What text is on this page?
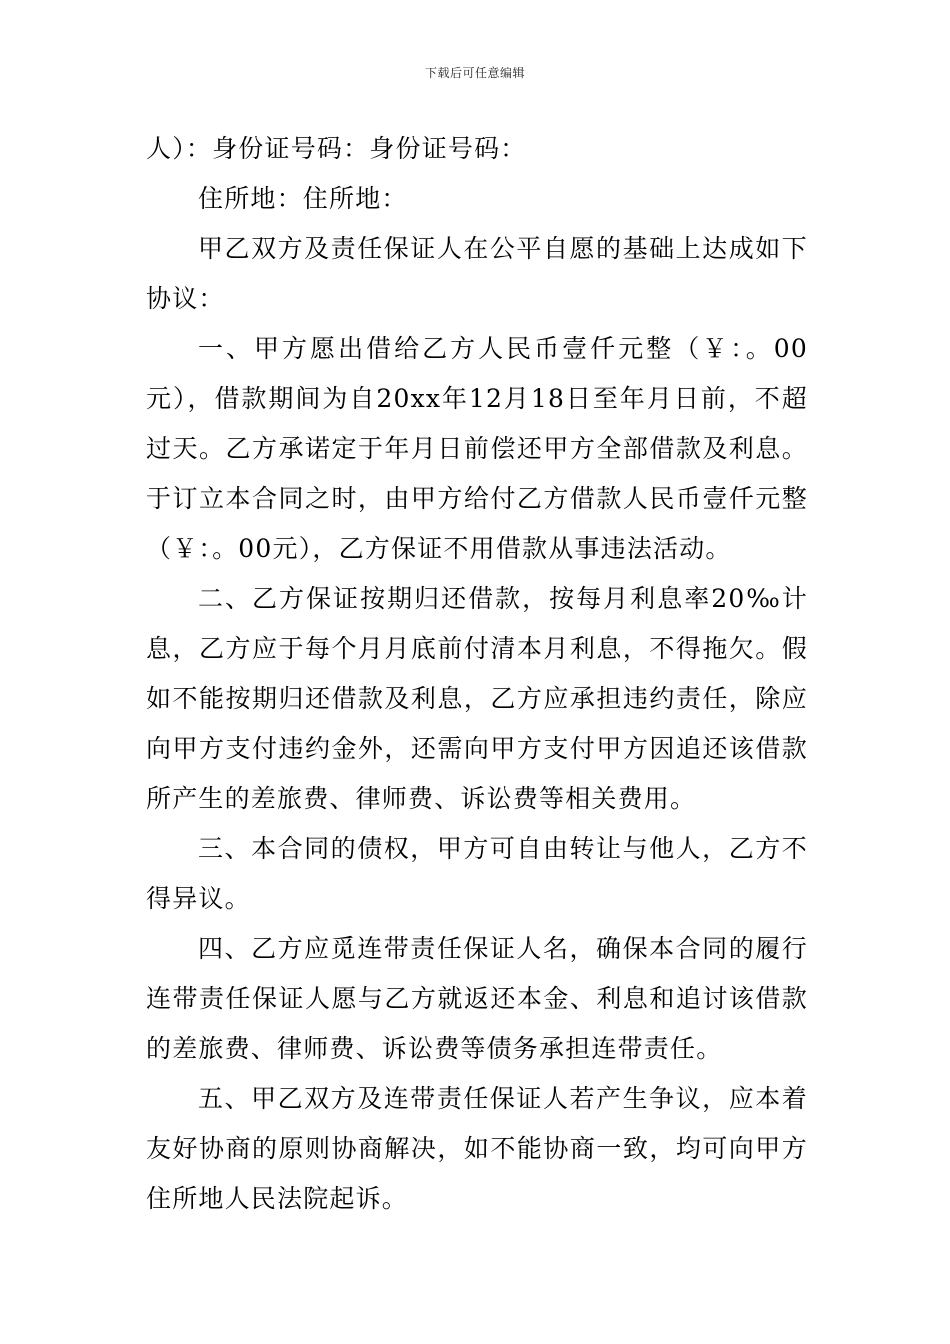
下载后可任意编辑

人）：身份证号码：身份证号码：

住所地：住所地：

甲乙双方及责任保证人在公平自愿的基础上达成如下协议：

一、甲方愿出借给乙方人民币壹仟元整（￥：。00元），借款期间为自20xx年12月18日至年月日前，不超过天。乙方承诺定于年月日前偿还甲方全部借款及利息。于订立本合同之时，由甲方给付乙方借款人民币壹仟元整（￥：。00元），乙方保证不用借款从事违法活动。

二、乙方保证按期归还借款，按每月利息率20‰计息，乙方应于每个月月底前付清本月利息，不得拖欠。假如不能按期归还借款及利息，乙方应承担违约责任，除应向甲方支付违约金外，还需向甲方支付甲方因追还该借款所产生的差旅费、律师费、诉讼费等相关费用。

三、本合同的债权，甲方可自由转让与他人，乙方不得异议。

四、乙方应觅连带责任保证人名，确保本合同的履行连带责任保证人愿与乙方就返还本金、利息和追讨该借款的差旅费、律师费、诉讼费等债务承担连带责任。

五、甲乙双方及连带责任保证人若产生争议，应本着友好协商的原则协商解决，如不能协商一致，均可向甲方住所地人民法院起诉。
